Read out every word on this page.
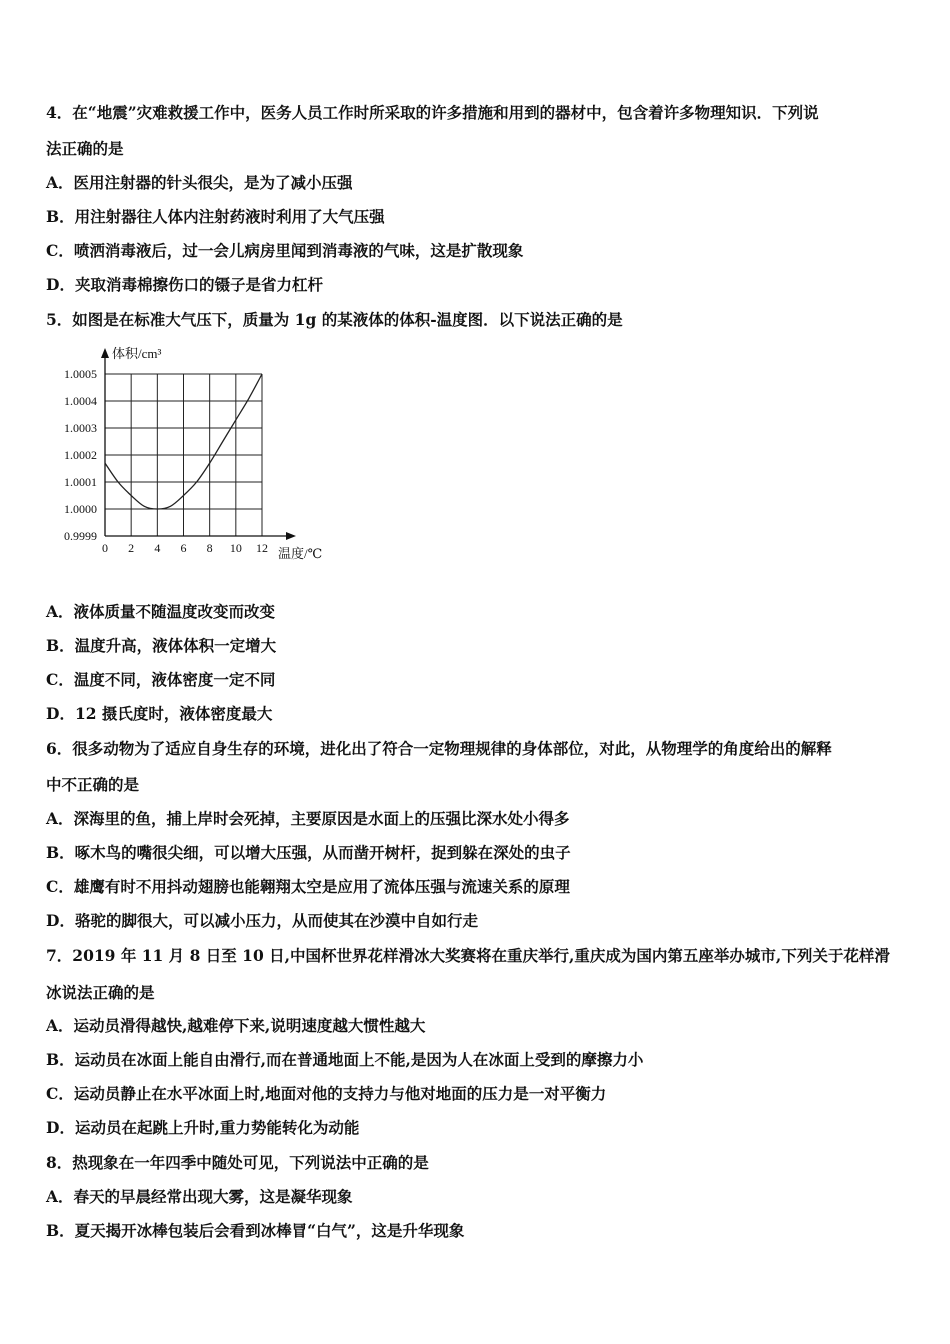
4．在“地震”灾难救援工作中，医务人员工作时所采取的许多措施和用到的器材中，包含着许多物理知识．下列说
法正确的是
A．医用注射器的针头很尖，是为了减小压强
B．用注射器往人体内注射药液时利用了大气压强
C．喷洒消毒液后，过一会儿病房里闻到消毒液的气味，这是扩散现象
D．夹取消毒棉擦伤口的镊子是省力杠杆
5．如图是在标准大气压下，质量为 1g 的某液体的体积-温度图．以下说法正确的是
0 2 4 6 8 10 12
0.9999
1.0000
1.0001
1.0002
1.0003
1.0004
1.0005
体积/cm³
温度/℃
A．液体质量不随温度改变而改变
B．温度升高，液体体积一定增大
C．温度不同，液体密度一定不同
D．12 摄氏度时，液体密度最大
6．很多动物为了适应自身生存的环境，进化出了符合一定物理规律的身体部位，对此，从物理学的角度给出的解释
中不正确的是
A．深海里的鱼，捕上岸时会死掉，主要原因是水面上的压强比深水处小得多
B．啄木鸟的嘴很尖细，可以增大压强，从而凿开树杆，捉到躲在深处的虫子
C．雄鹰有时不用抖动翅膀也能翱翔太空是应用了流体压强与流速关系的原理
D．骆驼的脚很大，可以减小压力，从而使其在沙漠中自如行走
7．2019 年 11 月 8 日至 10 日,中国杯世界花样滑冰大奖赛将在重庆举行,重庆成为国内第五座举办城市,下列关于花样滑
冰说法正确的是
A．运动员滑得越快,越难停下来,说明速度越大惯性越大
B．运动员在冰面上能自由滑行,而在普通地面上不能,是因为人在冰面上受到的摩擦力小
C．运动员静止在水平冰面上时,地面对他的支持力与他对地面的压力是一对平衡力
D．运动员在起跳上升时,重力势能转化为动能
8．热现象在一年四季中随处可见，下列说法中正确的是
A．春天的早晨经常出现大雾，这是凝华现象
B．夏天揭开冰棒包装后会看到冰棒冒“白气”，这是升华现象
